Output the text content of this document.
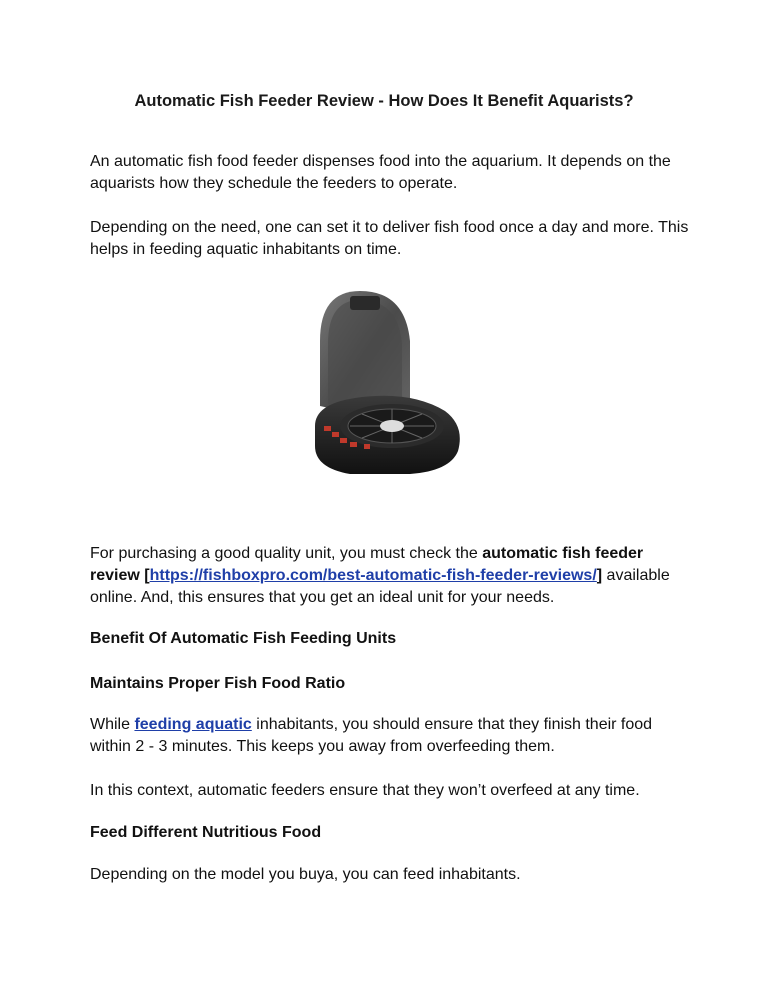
Automatic Fish Feeder Review - How Does It Benefit Aquarists?

An automatic fish food feeder dispenses food into the aquarium. It depends on the aquarists how they schedule the feeders to operate.

Depending on the need, one can set it to deliver fish food once a day and more. This helps in feeding aquatic inhabitants on time.

For purchasing a good quality unit, you must check the automatic fish feeder review [https://fishboxpro.com/best-automatic-fish-feeder-reviews/] available online. And, this ensures that you get an ideal unit for your needs.

Benefit Of Automatic Fish Feeding Units
Maintains Proper Fish Food Ratio

While feeding aquatic inhabitants, you should ensure that they finish their food within 2 - 3 minutes. This keeps you away from overfeeding them.

In this context, automatic feeders ensure that they won’t overfeed at any time.
Feed Different Nutritious Food
Depending on the model you buya, you can feed inhabitants.
